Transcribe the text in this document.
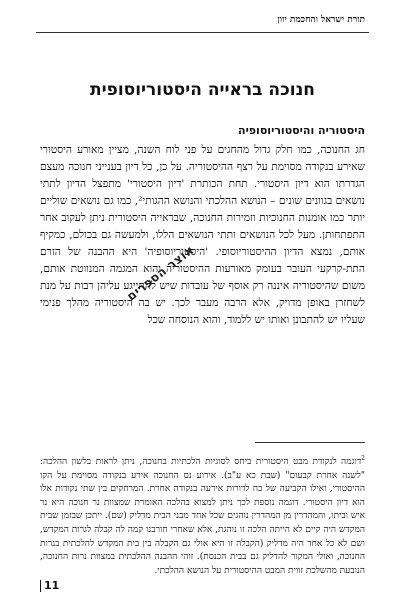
תורת ישראל והחכמת יוון
חנוכה בראייה היסטוריוסופית
היסטוריה והיסטוריוסופיה

חג החנוכה, כמו חלק גדול מהחגים על פני לוח השנה, מציין מאורע היסטורי שאירע בנקודה מסוימת על רצף ההיסטוריה. על כן, כל דיון בענייני חנוכה מעצם הגדרתו הוא דיון היסטורי. תחת הכותרת 'דיון היסטורי' מתפצל הדיון לתתי נושאים בגוונים שונים – הנושא ההלכתי והנושא ההגותי², כמו גם נושאים שוליים יותר כמו אומנות החנוכיות וזמירות החנוכה, שבראייה היסטורית ניתן לעקוב אחר התפתחותן. מעל לכל הנושאים ותתי הנושאים הללו, ולמעשה גם בכולם, כמקיף אותם, נמצא הדיון ההיסטוריוסופי. 'היסטוריוסופיה' היא ההבנה של הזרם התת-קרקעי העובר בעומק מאורעות ההיסטוריה והוא המגמה המנווטת אותם, משום שהיסטוריה איננה רק אוסף של עובדות שיש להתייגע עליהן רבות על מנת לשחזרן באופן מדויק, אלא הרבה מעבר לכך. יש בה היסטוריה מהלך פנימי שעליו יש להתבונן ואותו יש ללמוד, והוא הנוסחה שכל

אוצר הספרים

$^2$דוגמה לנקודת מבט היסטורית ביחס לסוגיות הלכתיות בחנוכה, ניתן לראות בלשון ההלכה: "לשנה אחרת קבעום" (שבת כא ע"ב). אירוע נס החנוכה אירע בנקודה מסוימת על הקו ההיסטורי, ואילו הקביעה של כח לדורות אירעה בנקודה אחרת. המרחקים בין שתי נקודות אלו הוא דיון היסטורי. דוגמה נוספת לכך ניתן למצוא בהלכה האומרת שמצוות נר חנוכה היא נר איש וביתו, והמהדרין מן המהדרין נוהגים שכל אחד מבני הבית מדליק (שם). ייתכן שבזמן שבית המקדש היה קיים לא הייתה הלכה זו נוהגת, אלא שאחרי חורבנו קמה לה קבלה לגרות המקדש, ושם לא כל אחד היה מדליק (הקבלה זו היא אולי גם הקבלה בין בית המקדש להלכתית בנרות החנוכה, ואולי המקור להדליק גם בבית הכנסת). זוהי ההבנה ההלכתית במצוות נרות החנוכה, הנובעת מהשלכת זווית המבט ההיסטורית על הנושא ההלכתי.

11
